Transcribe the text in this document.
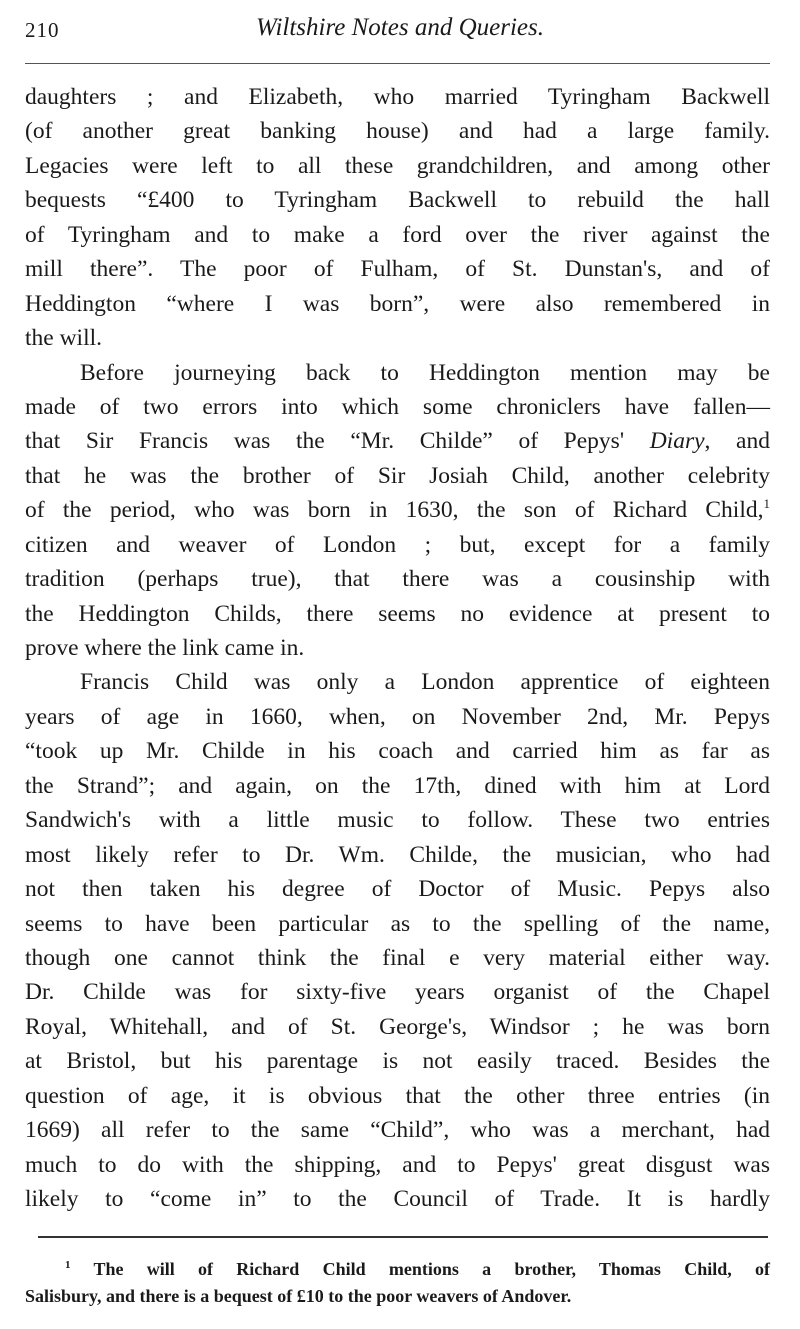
210	Wiltshire Notes and Queries.
daughters ; and Elizabeth, who married Tyringham Backwell
(of another great banking house) and had a large family.
Legacies were left to all these grandchildren, and among other
bequests “£400 to Tyringham Backwell to rebuild the hall
of Tyringham and to make a ford over the river against the
mill there”. The poor of Fulham, of St. Dunstan's, and of
Heddington “where I was born”, were also remembered in
the will.
Before journeying back to Heddington mention may be
made of two errors into which some chroniclers have fallen—
that Sir Francis was the “Mr. Childe” of Pepys' Diary, and
that he was the brother of Sir Josiah Child, another celebrity
of the period, who was born in 1630, the son of Richard Child,$^1$
citizen and weaver of London ; but, except for a family
tradition (perhaps true), that there was a cousinship with
the Heddington Childs, there seems no evidence at present to
prove where the link came in.
Francis Child was only a London apprentice of eighteen
years of age in 1660, when, on November 2nd, Mr. Pepys
“took up Mr. Childe in his coach and carried him as far as
the Strand”; and again, on the 17th, dined with him at Lord
Sandwich's with a little music to follow. These two entries
most likely refer to Dr. Wm. Childe, the musician, who had
not then taken his degree of Doctor of Music. Pepys also
seems to have been particular as to the spelling of the name,
though one cannot think the final e very material either way.
Dr. Childe was for sixty-five years organist of the Chapel
Royal, Whitehall, and of St. George's, Windsor ; he was born
at Bristol, but his parentage is not easily traced. Besides the
question of age, it is obvious that the other three entries (in
1669) all refer to the same “Child”, who was a merchant, had
much to do with the shipping, and to Pepys' great disgust was
likely to “come in” to the Council of Trade. It is hardly
$^1$ The will of Richard Child mentions a brother, Thomas Child, of
Salisbury, and there is a bequest of £10 to the poor weavers of Andover.
